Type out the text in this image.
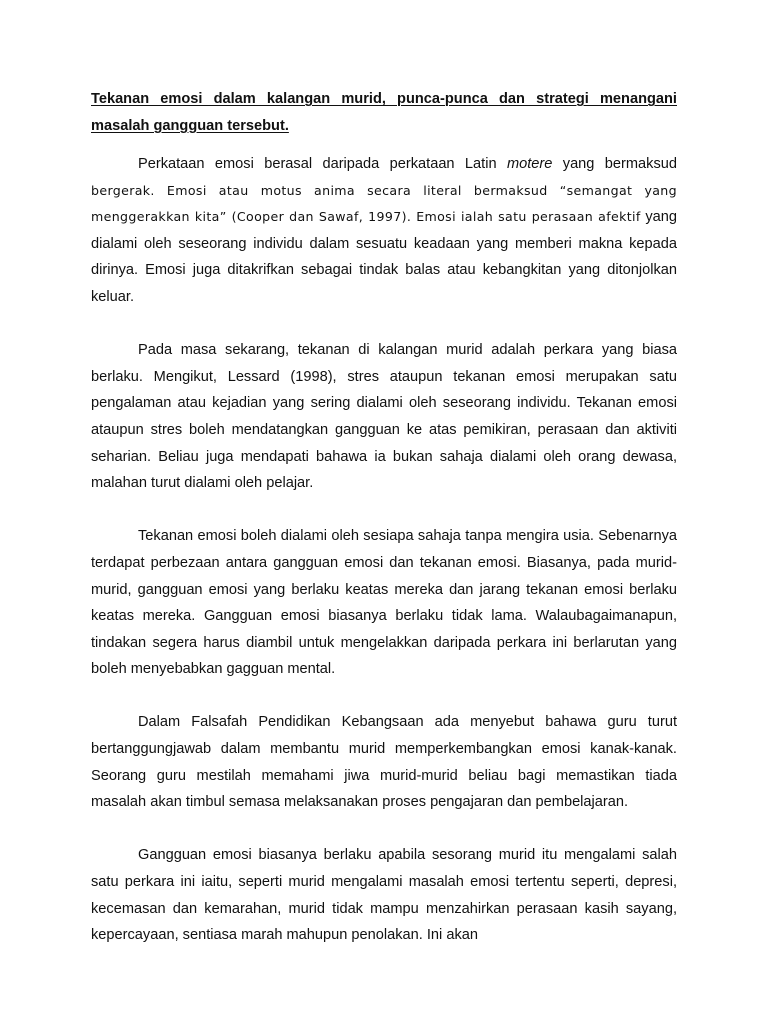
Tekanan emosi dalam kalangan murid, punca-punca dan strategi menangani masalah gangguan tersebut.

Perkataan emosi berasal daripada perkataan Latin motere yang bermaksud bergerak. Emosi atau motus anima secara literal bermaksud “semangat yang menggerakkan kita” (Cooper dan Sawaf, 1997). Emosi ialah satu perasaan afektif yang dialami oleh seseorang individu dalam sesuatu keadaan yang memberi makna kepada dirinya. Emosi juga ditakrifkan sebagai tindak balas atau kebangkitan yang ditonjolkan keluar.

Pada masa sekarang, tekanan di kalangan murid adalah perkara yang biasa berlaku. Mengikut, Lessard (1998), stres ataupun tekanan emosi merupakan satu pengalaman atau kejadian yang sering dialami oleh seseorang individu. Tekanan emosi ataupun stres boleh mendatangkan gangguan ke atas pemikiran, perasaan dan aktiviti seharian. Beliau juga mendapati bahawa ia bukan sahaja dialami oleh orang dewasa, malahan turut dialami oleh pelajar.

Tekanan emosi boleh dialami oleh sesiapa sahaja tanpa mengira usia. Sebenarnya terdapat perbezaan antara gangguan emosi dan tekanan emosi. Biasanya, pada murid-murid, gangguan emosi yang berlaku keatas mereka dan jarang tekanan emosi berlaku keatas mereka. Gangguan emosi biasanya berlaku tidak lama. Walaubagaimanapun, tindakan segera harus diambil untuk mengelakkan daripada perkara ini berlarutan yang boleh menyebabkan gagguan mental.

Dalam Falsafah Pendidikan Kebangsaan ada menyebut bahawa guru turut bertanggungjawab dalam membantu murid memperkembangkan emosi kanak-kanak. Seorang guru mestilah memahami jiwa murid-murid beliau bagi memastikan tiada masalah akan timbul semasa melaksanakan proses pengajaran dan pembelajaran.

Gangguan emosi biasanya berlaku apabila sesorang murid itu mengalami salah satu perkara ini iaitu, seperti murid mengalami masalah emosi tertentu seperti, depresi, kecemasan dan kemarahan, murid tidak mampu menzahirkan perasaan kasih sayang, kepercayaan, sentiasa marah mahupun penolakan. Ini akan
